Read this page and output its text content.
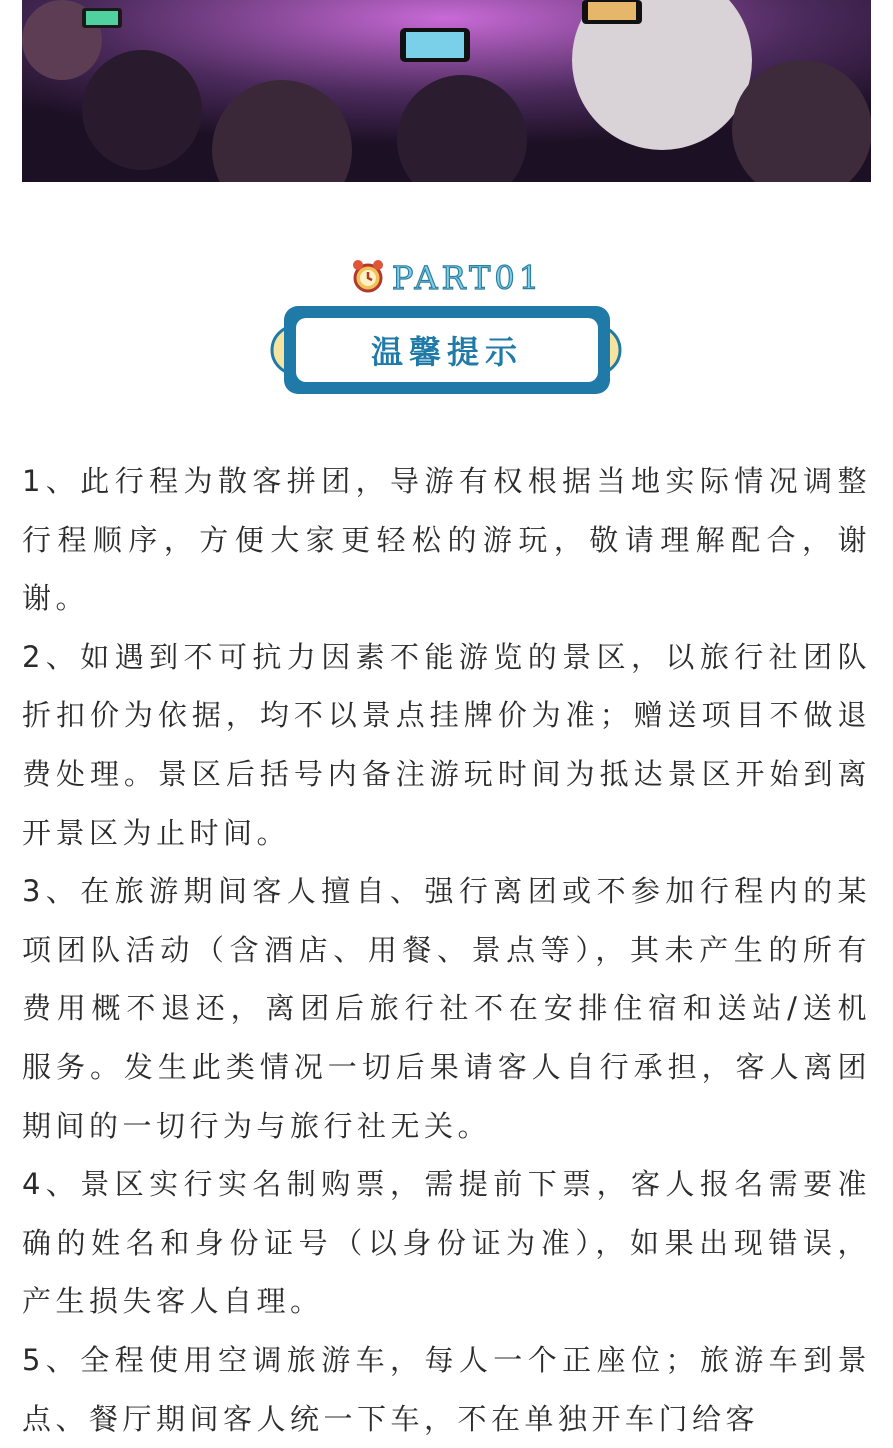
PART01
温馨提示

1、此行程为散客拼团，导游有权根据当地实际情况调整行程顺序，方便大家更轻松的游玩，敬请理解配合，谢谢。

2、如遇到不可抗力因素不能游览的景区，以旅行社团队折扣价为依据，均不以景点挂牌价为准；赠送项目不做退费处理。景区后括号内备注游玩时间为抵达景区开始到离开景区为止时间。

3、在旅游期间客人擅自、强行离团或不参加行程内的某项团队活动（含酒店、用餐、景点等），其未产生的所有费用概不退还，离团后旅行社不在安排住宿和送站/送机服务。发生此类情况一切后果请客人自行承担，客人离团期间的一切行为与旅行社无关。

4、景区实行实名制购票，需提前下票，客人报名需要准确的姓名和身份证号（以身份证为准），如果出现错误，产生损失客人自理。

5、全程使用空调旅游车，每人一个正座位；旅游车到景点、餐厅期间客人统一下车，不在单独开车门给客
